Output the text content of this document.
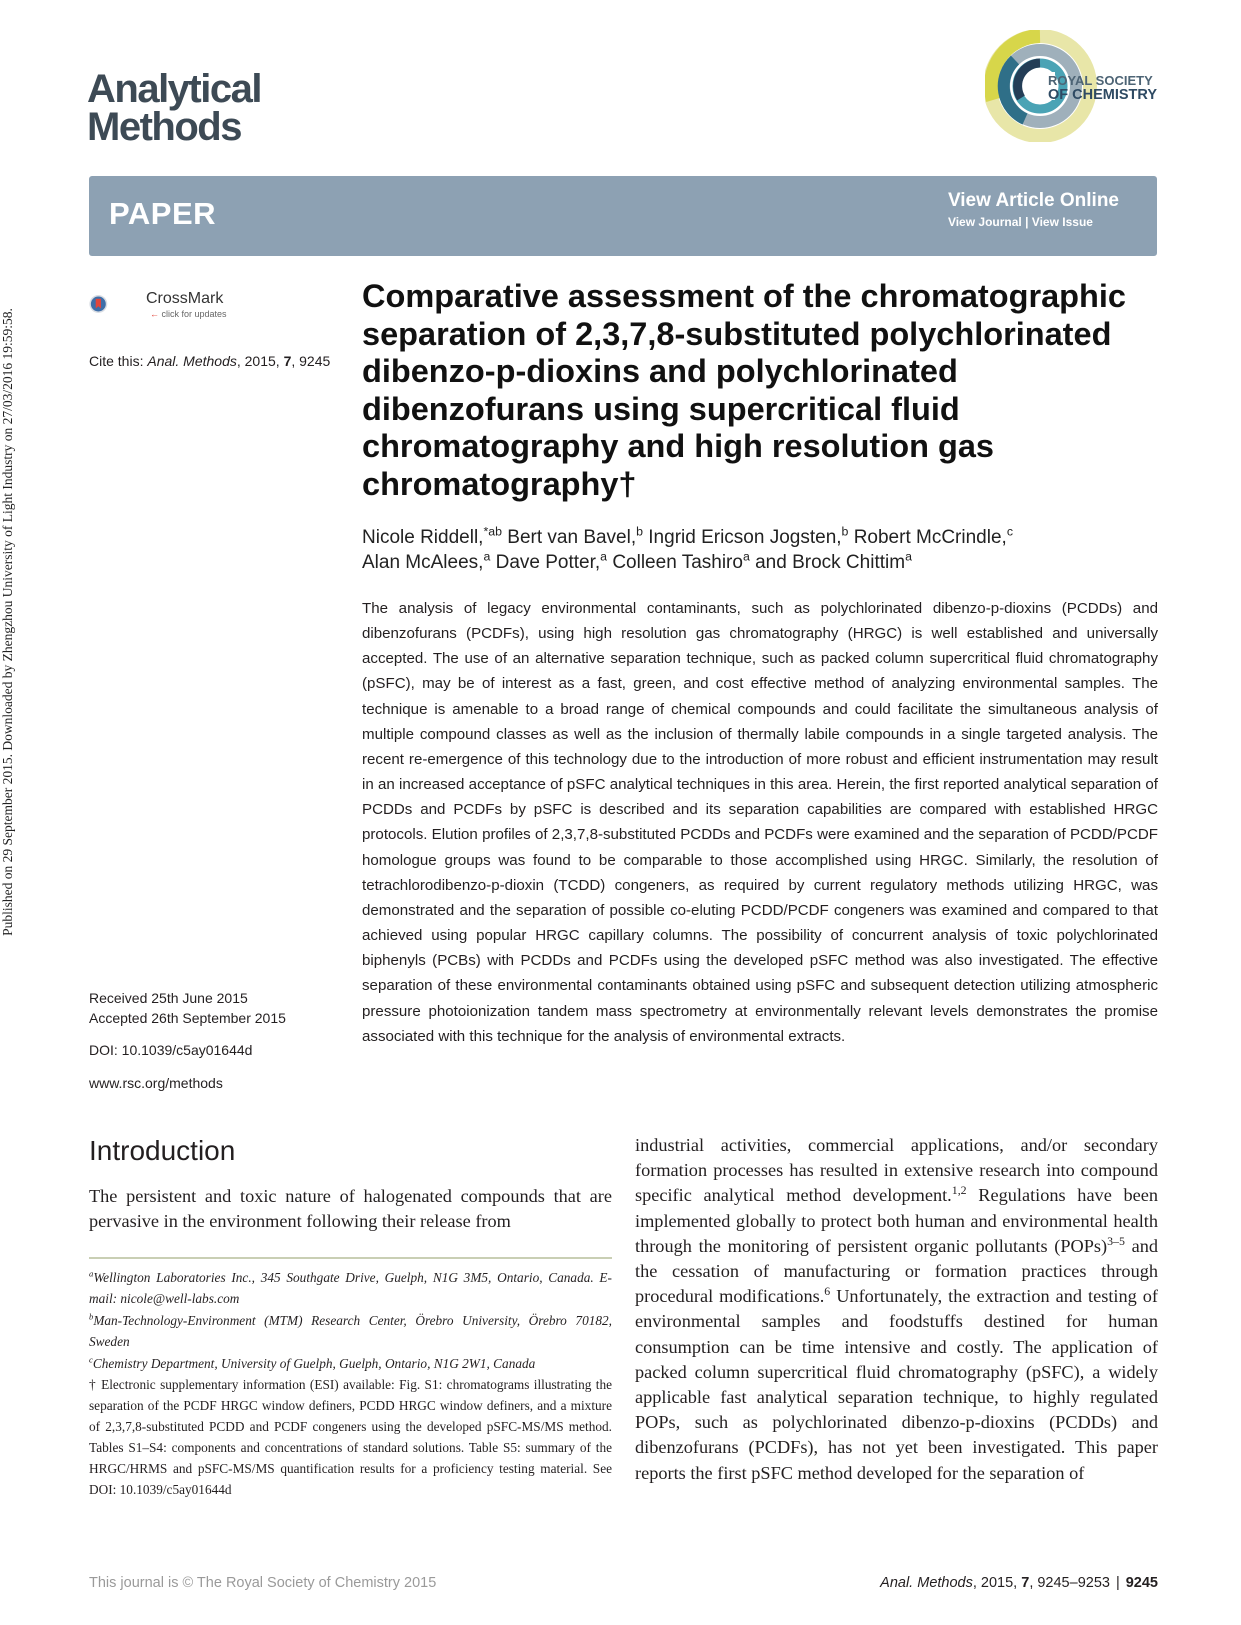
Published on 29 September 2015. Downloaded by Zhengzhou University of Light Industry on 27/03/2016 19:59:58.
Analytical
Methods
ROYAL SOCIETY
OF CHEMISTRY
PAPER	View Article Online
View Journal | View Issue
CrossMark
← click for updates
Cite this: Anal. Methods, 2015, 7, 9245
Comparative assessment of the chromatographic separation of 2,3,7,8-substituted polychlorinated dibenzo-p-dioxins and polychlorinated dibenzofurans using supercritical fluid chromatography and high resolution gas chromatography†
Nicole Riddell,$^{*ab}$ Bert van Bavel,$^b$ Ingrid Ericson Jogsten,$^b$ Robert McCrindle,$^c$
Alan McAlees,$^a$ Dave Potter,$^a$ Colleen Tashiro$^a$ and Brock Chittim$^a$
The analysis of legacy environmental contaminants, such as polychlorinated dibenzo-p-dioxins (PCDDs) and dibenzofurans (PCDFs), using high resolution gas chromatography (HRGC) is well established and universally accepted. The use of an alternative separation technique, such as packed column supercritical fluid chromatography (pSFC), may be of interest as a fast, green, and cost effective method of analyzing environmental samples. The technique is amenable to a broad range of chemical compounds and could facilitate the simultaneous analysis of multiple compound classes as well as the inclusion of thermally labile compounds in a single targeted analysis. The recent re-emergence of this technology due to the introduction of more robust and efficient instrumentation may result in an increased acceptance of pSFC analytical techniques in this area. Herein, the first reported analytical separation of PCDDs and PCDFs by pSFC is described and its separation capabilities are compared with established HRGC protocols. Elution profiles of 2,3,7,8-substituted PCDDs and PCDFs were examined and the separation of PCDD/PCDF homologue groups was found to be comparable to those accomplished using HRGC. Similarly, the resolution of tetrachlorodibenzo-p-dioxin (TCDD) congeners, as required by current regulatory methods utilizing HRGC, was demonstrated and the separation of possible co-eluting PCDD/PCDF congeners was examined and compared to that achieved using popular HRGC capillary columns. The possibility of concurrent analysis of toxic polychlorinated biphenyls (PCBs) with PCDDs and PCDFs using the developed pSFC method was also investigated. The effective separation of these environmental contaminants obtained using pSFC and subsequent detection utilizing atmospheric pressure photoionization tandem mass spectrometry at environmentally relevant levels demonstrates the promise associated with this technique for the analysis of environmental extracts.
Received 25th June 2015
Accepted 26th September 2015
DOI: 10.1039/c5ay01644d
www.rsc.org/methods
Introduction
The persistent and toxic nature of halogenated compounds that are pervasive in the environment following their release from
$^a$Wellington Laboratories Inc., 345 Southgate Drive, Guelph, N1G 3M5, Ontario, Canada. E-mail: nicole@well-labs.com
$^b$Man-Technology-Environment (MTM) Research Center, Örebro University, Örebro 70182, Sweden
$^c$Chemistry Department, University of Guelph, Guelph, Ontario, N1G 2W1, Canada
† Electronic supplementary information (ESI) available: Fig. S1: chromatograms illustrating the separation of the PCDF HRGC window definers, PCDD HRGC window definers, and a mixture of 2,3,7,8-substituted PCDD and PCDF congeners using the developed pSFC-MS/MS method. Tables S1–S4: components and concentrations of standard solutions. Table S5: summary of the HRGC/HRMS and pSFC-MS/MS quantification results for a proficiency testing material. See DOI: 10.1039/c5ay01644d
industrial activities, commercial applications, and/or secondary formation processes has resulted in extensive research into compound specific analytical method development.$^{1,2}$ Regulations have been implemented globally to protect both human and environmental health through the monitoring of persistent organic pollutants (POPs)$^{3-5}$ and the cessation of manufacturing or formation practices through procedural modifications.$^6$ Unfortunately, the extraction and testing of environmental samples and foodstuffs destined for human consumption can be time intensive and costly. The application of packed column supercritical fluid chromatography (pSFC), a widely applicable fast analytical separation technique, to highly regulated POPs, such as polychlorinated dibenzo-p-dioxins (PCDDs) and dibenzofurans (PCDFs), has not yet been investigated. This paper reports the first pSFC method developed for the separation of
This journal is © The Royal Society of Chemistry 2015	Anal. Methods, 2015, 7, 9245–9253 | 9245
